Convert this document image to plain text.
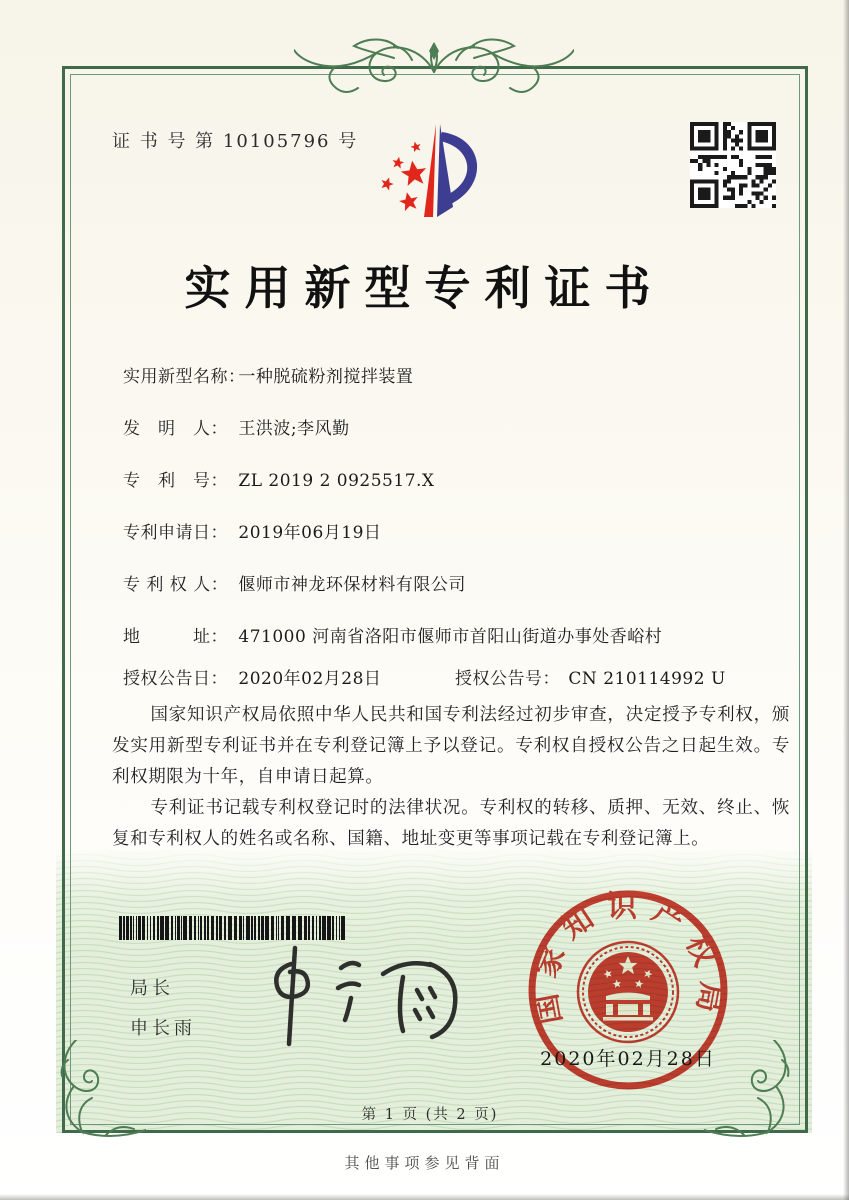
证 书 号 第 10105796 号
实用新型专利证书
实用新型名称： 一种脱硫粉剂搅拌装置
发　明　人： 王洪波;李风勤
专　利　号： ZL 2019 2 0925517.X
专利申请日： 2019年06月19日
专 利 权 人： 偃师市神龙环保材料有限公司
地　　　址： 471000 河南省洛阳市偃师市首阳山街道办事处香峪村
授权公告日： 2020年02月28日	授权公告号： CN 210114992 U

国家知识产权局依照中华人民共和国专利法经过初步审查，决定授予专利权，颁发实用新型专利证书并在专利登记簿上予以登记。专利权自授权公告之日起生效。专利权期限为十年，自申请日起算。

专利证书记载专利权登记时的法律状况。专利权的转移、质押、无效、终止、恢复和专利权人的姓名或名称、国籍、地址变更等事项记载在专利登记簿上。

局长
申长雨
国家知识产权局
2020年02月28日
第 1 页 (共 2 页)
其他事项参见背面
